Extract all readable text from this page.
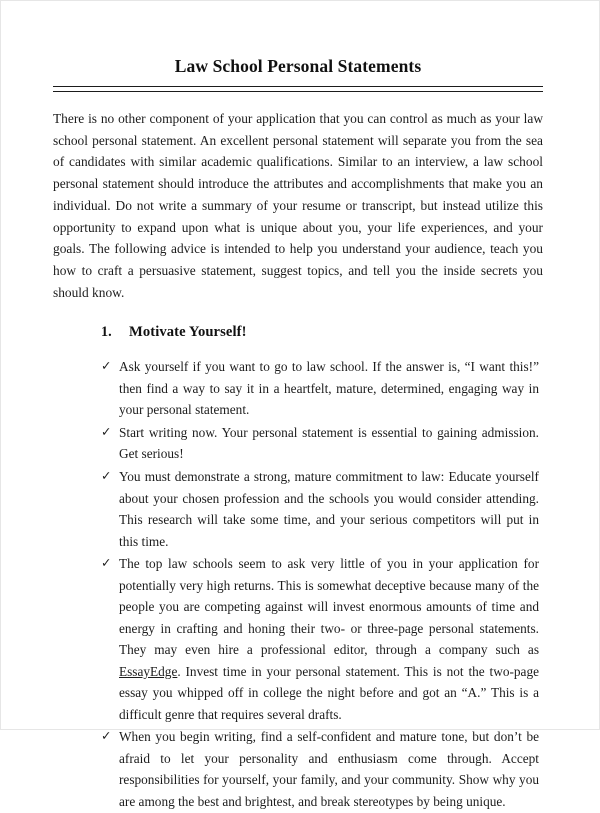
Law School Personal Statements

There is no other component of your application that you can control as much as your law school personal statement. An excellent personal statement will separate you from the sea of candidates with similar academic qualifications. Similar to an interview, a law school personal statement should introduce the attributes and accomplishments that make you an individual. Do not write a summary of your resume or transcript, but instead utilize this opportunity to expand upon what is unique about you, your life experiences, and your goals. The following advice is intended to help you understand your audience, teach you how to craft a persuasive statement, suggest topics, and tell you the inside secrets you should know.

1.	Motivate Yourself!
✓ Ask yourself if you want to go to law school. If the answer is, “I want this!” then find a way to say it in a heartfelt, mature, determined, engaging way in your personal statement.
✓ Start writing now. Your personal statement is essential to gaining admission. Get serious!
✓ You must demonstrate a strong, mature commitment to law: Educate yourself about your chosen profession and the schools you would consider attending. This research will take some time, and your serious competitors will put in this time.
✓ The top law schools seem to ask very little of you in your application for potentially very high returns. This is somewhat deceptive because many of the people you are competing against will invest enormous amounts of time and energy in crafting and honing their two- or three-page personal statements. They may even hire a professional editor, through a company such as EssayEdge. Invest time in your personal statement. This is not the two-page essay you whipped off in college the night before and got an “A.” This is a difficult genre that requires several drafts.
✓ When you begin writing, find a self-confident and mature tone, but don’t be afraid to let your personality and enthusiasm come through. Accept responsibilities for yourself, your family, and your community. Show why you are among the best and brightest, and break stereotypes by being unique.
